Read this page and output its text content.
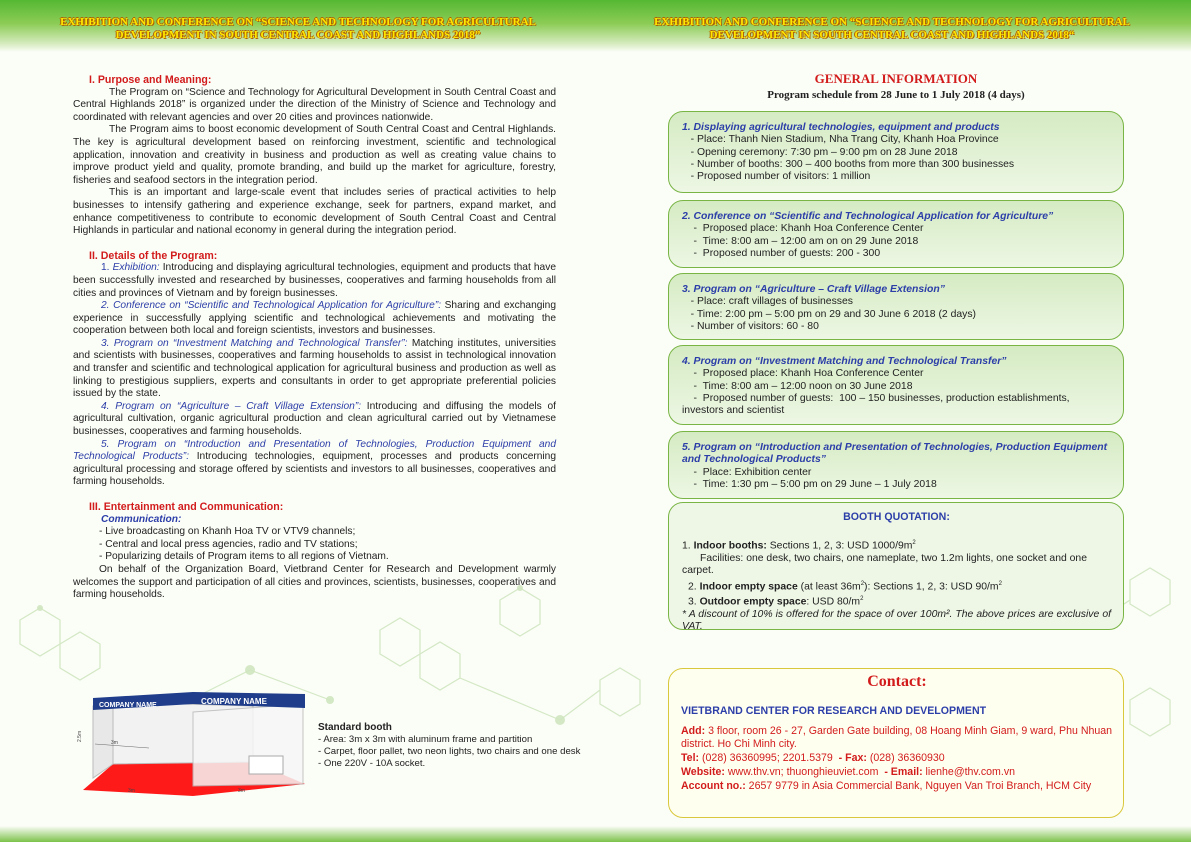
EXHIBITION AND CONFERENCE ON “SCIENCE AND TECHNOLOGY FOR AGRICULTURAL
DEVELOPMENT IN SOUTH CENTRAL COAST AND HIGHLANDS 2018”
EXHIBITION AND CONFERENCE ON “SCIENCE AND TECHNOLOGY FOR AGRICULTURAL
DEVELOPMENT IN SOUTH CENTRAL COAST AND HIGHLANDS 2018“

I. Purpose and Meaning:

The Program on “Science and Technology for Agricultural Development in South Central Coast and Central Highlands 2018” is organized under the direction of the Ministry of Science and Technology and coordinated with relevant agencies and over 20 cities and provinces nationwide.

The Program aims to boost economic development of South Central Coast and Central Highlands. The key is agricultural development based on reinforcing investment, scientific and technological application, innovation and creativity in business and production as well as creating value chains to improve product yield and quality, promote branding, and build up the market for agriculture, forestry, fisheries and seafood sectors in the integration period.

This is an important and large-scale event that includes series of practical activities to help businesses to intensify gathering and experience exchange, seek for partners, expand market, and enhance competitiveness to contribute to economic development of South Central Coast and Central Highlands in particular and national economy in general during the integration period.

II. Details of the Program:

1. Exhibition: Introducing and displaying agricultural technologies, equipment and products that have been successfully invested and researched by businesses, cooperatives and farming households from all cities and provinces of Vietnam and by foreign businesses.

2. Conference on “Scientific and Technological Application for Agriculture”: Sharing and exchanging experience in successfully applying scientific and technological achievements and motivating the cooperation between both local and foreign scientists, investors and businesses.

3. Program on “Investment Matching and Technological Transfer”: Matching institutes, universities and scientists with businesses, cooperatives and farming households to assist in technological innovation and transfer and scientific and technological application for agricultural business and production as well as linking to prestigious suppliers, experts and consultants in order to get appropriate preferential policies issued by the state.

4. Program on “Agriculture – Craft Village Extension”: Introducing and diffusing the models of agricultural cultivation, organic agricultural production and clean agricultural carried out by Vietnamese businesses, cooperatives and farming households.

5. Program on “Introduction and Presentation of Technologies, Production Equipment and Technological Products”: Introducing technologies, equipment, processes and products concerning agricultural processing and storage offered by scientists and investors to all businesses, cooperatives and farming households.

III. Entertainment and Communication:

Communication:

- Live broadcasting on Khanh Hoa TV or VTV9 channels;

- Central and local press agencies, radio and TV stations;

- Popularizing details of Program items to all regions of Vietnam.

On behalf of the Organization Board, Vietbrand Center for Research and Development warmly welcomes the support and participation of all cities and provinces, scientists, businesses, cooperatives and farming households.

COMPANY NAME	COMPANY NAME
2.5m
3m
3m	3m
Standard booth
- Area: 3m x 3m with aluminum frame and partition
- Carpet, floor pallet, two neon lights, two chairs and one desk
- One 220V - 10A socket.
GENERAL INFORMATION
Program schedule from 28 June to 1 July 2018 (4 days)
1. Displaying agricultural technologies, equipment and products
- Place: Thanh Nien Stadium, Nha Trang City, Khanh Hoa Province
- Opening ceremony: 7:30 pm – 9:00 pm on 28 June 2018
- Number of booths: 300 – 400 booths from more than 300 businesses
- Proposed number of visitors: 1 million
2. Conference on “Scientific and Technological Application for Agriculture”
-  Proposed place: Khanh Hoa Conference Center
-  Time: 8:00 am – 12:00 am on on 29 June 2018
-  Proposed number of guests: 200 - 300
3. Program on “Agriculture – Craft Village Extension”
- Place: craft villages of businesses
- Time: 2:00 pm – 5:00 pm on 29 and 30 June 6 2018 (2 days)
- Number of visitors: 60 - 80
4. Program on “Investment Matching and Technological Transfer”
-  Proposed place: Khanh Hoa Conference Center
-  Time: 8:00 am – 12:00 noon on 30 June 2018
-  Proposed number of guests:  100 – 150 businesses, production establishments,
investors and scientist
5. Program on “Introduction and Presentation of Technologies, Production Equipment and Technological Products”
-  Place: Exhibition center
-  Time: 1:30 pm – 5:00 pm on 29 June – 1 July 2018
BOOTH QUOTATION:
1. Indoor booths: Sections 1, 2, 3: USD $1000/9m^2$
Facilities: one desk, two chairs, one nameplate, two 1.2m lights, one socket and one carpet.
2. Indoor empty space (at least $36m^2$): Sections 1, 2, 3: USD $90/m^2$
3. Outdoor empty space: USD $80/m^2$
* A discount of 10% is offered for the space of over 100m². The above prices are exclusive of VAT.
Contact:
VIETBRAND CENTER FOR RESEARCH AND DEVELOPMENT
Add: 3 floor, room 26 - 27, Garden Gate building, 08 Hoang Minh Giam, 9 ward, Phu Nhuan district. Ho Chi Minh city.
Tel: (028) 36360995; 2201.5379  - Fax: (028) 36360930
Website: www.thv.vn; thuonghieuviet.com  - Email: lienhe@thv.com.vn
Account no.: 2657 9779 in Asia Commercial Bank, Nguyen Van Troi Branch, HCM City
